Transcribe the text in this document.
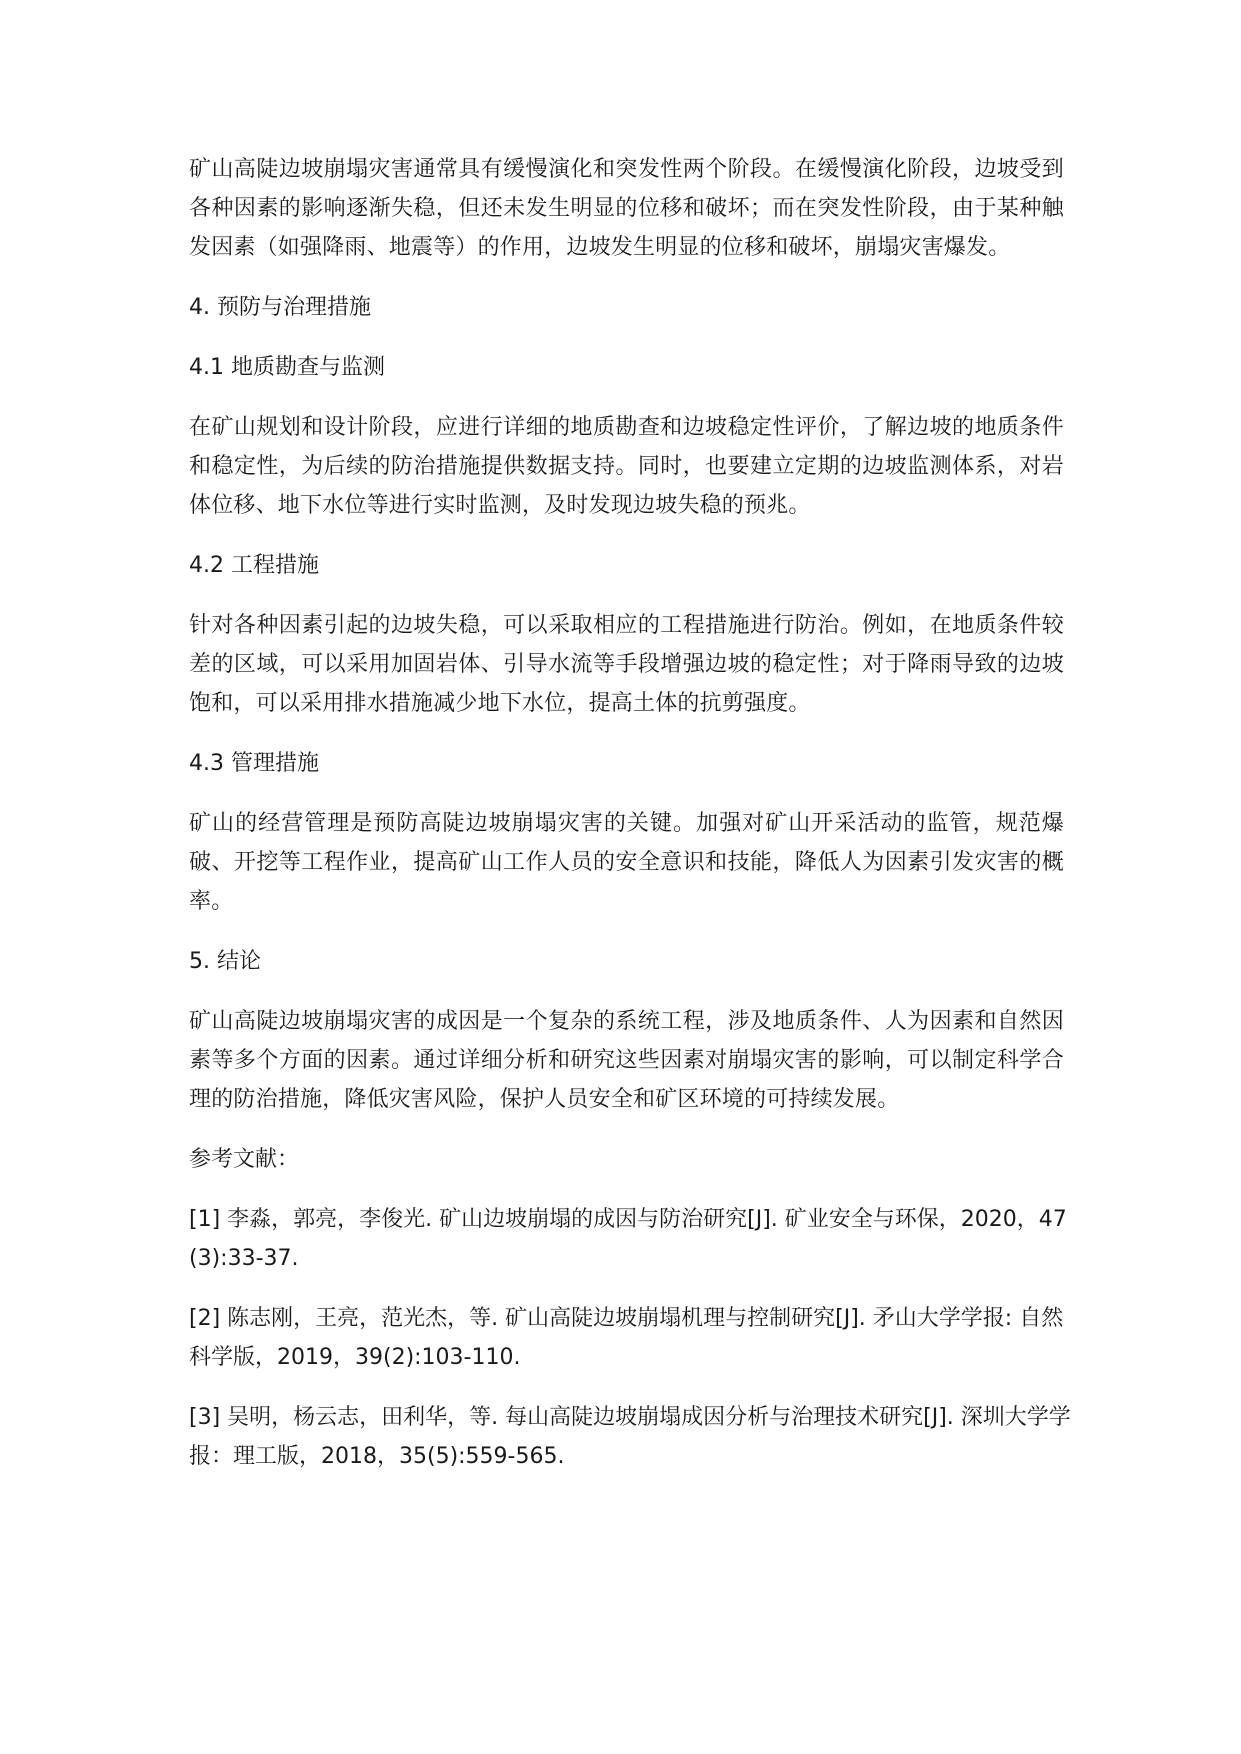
矿山高陡边坡崩塌灾害通常具有缓慢演化和突发性两个阶段。在缓慢演化阶段，边坡受到各种因素的影响逐渐失稳，但还未发生明显的位移和破坏；而在突发性阶段，由于某种触发因素（如强降雨、地震等）的作用，边坡发生明显的位移和破坏，崩塌灾害爆发。

4. 预防与治理措施

4.1 地质勘查与监测

在矿山规划和设计阶段，应进行详细的地质勘查和边坡稳定性评价，了解边坡的地质条件和稳定性，为后续的防治措施提供数据支持。同时，也要建立定期的边坡监测体系，对岩体位移、地下水位等进行实时监测，及时发现边坡失稳的预兆。

4.2 工程措施

针对各种因素引起的边坡失稳，可以采取相应的工程措施进行防治。例如，在地质条件较差的区域，可以采用加固岩体、引导水流等手段增强边坡的稳定性；对于降雨导致的边坡饱和，可以采用排水措施减少地下水位，提高土体的抗剪强度。

4.3 管理措施

矿山的经营管理是预防高陡边坡崩塌灾害的关键。加强对矿山开采活动的监管，规范爆破、开挖等工程作业，提高矿山工作人员的安全意识和技能，降低人为因素引发灾害的概率。

5. 结论

矿山高陡边坡崩塌灾害的成因是一个复杂的系统工程，涉及地质条件、人为因素和自然因素等多个方面的因素。通过详细分析和研究这些因素对崩塌灾害的影响，可以制定科学合理的防治措施，降低灾害风险，保护人员安全和矿区环境的可持续发展。

参考文献：

[1] 李淼，郭亮，李俊光. 矿山边坡崩塌的成因与防治研究[J]. 矿业安全与环保，2020，47(3):33-37.

[2] 陈志刚，王亮，范光杰，等. 矿山高陡边坡崩塌机理与控制研究[J]. 矛山大学学报: 自然科学版，2019，39(2):103-110.

[3] 吴明，杨云志，田利华，等. 每山高陡边坡崩塌成因分析与治理技术研究[J]. 深圳大学学报：理工版，2018，35(5):559-565.
